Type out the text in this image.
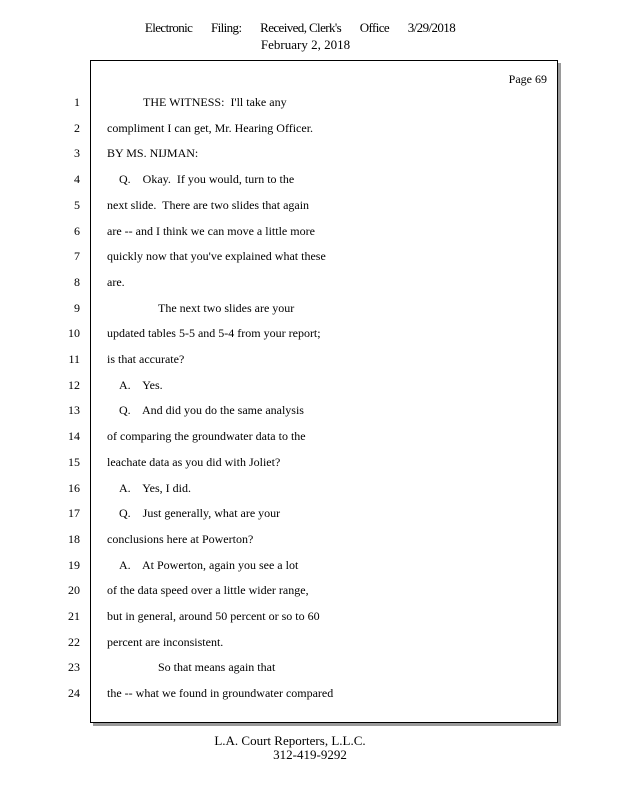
Electronic Filing: Received, Clerk's Office 3/29/2018
February 2, 2018
Page 69
1	THE WITNESS:  I'll take any
2 compliment I can get, Mr. Hearing Officer.
3 BY MS. NIJMAN:
4	Q.    Okay.  If you would, turn to the
5 next slide.  There are two slides that again
6 are -- and I think we can move a little more
7 quickly now that you've explained what these
8 are.
9	The next two slides are your
10 updated tables 5-5 and 5-4 from your report;
11 is that accurate?
12	A.    Yes.
13	Q.    And did you do the same analysis
14 of comparing the groundwater data to the
15 leachate data as you did with Joliet?
16	A.    Yes, I did.
17	Q.    Just generally, what are your
18 conclusions here at Powerton?
19	A.    At Powerton, again you see a lot
20 of the data speed over a little wider range,
21 but in general, around 50 percent or so to 60
22 percent are inconsistent.
23	So that means again that
24 the -- what we found in groundwater compared
L.A. Court Reporters, L.L.C.
312-419-9292
